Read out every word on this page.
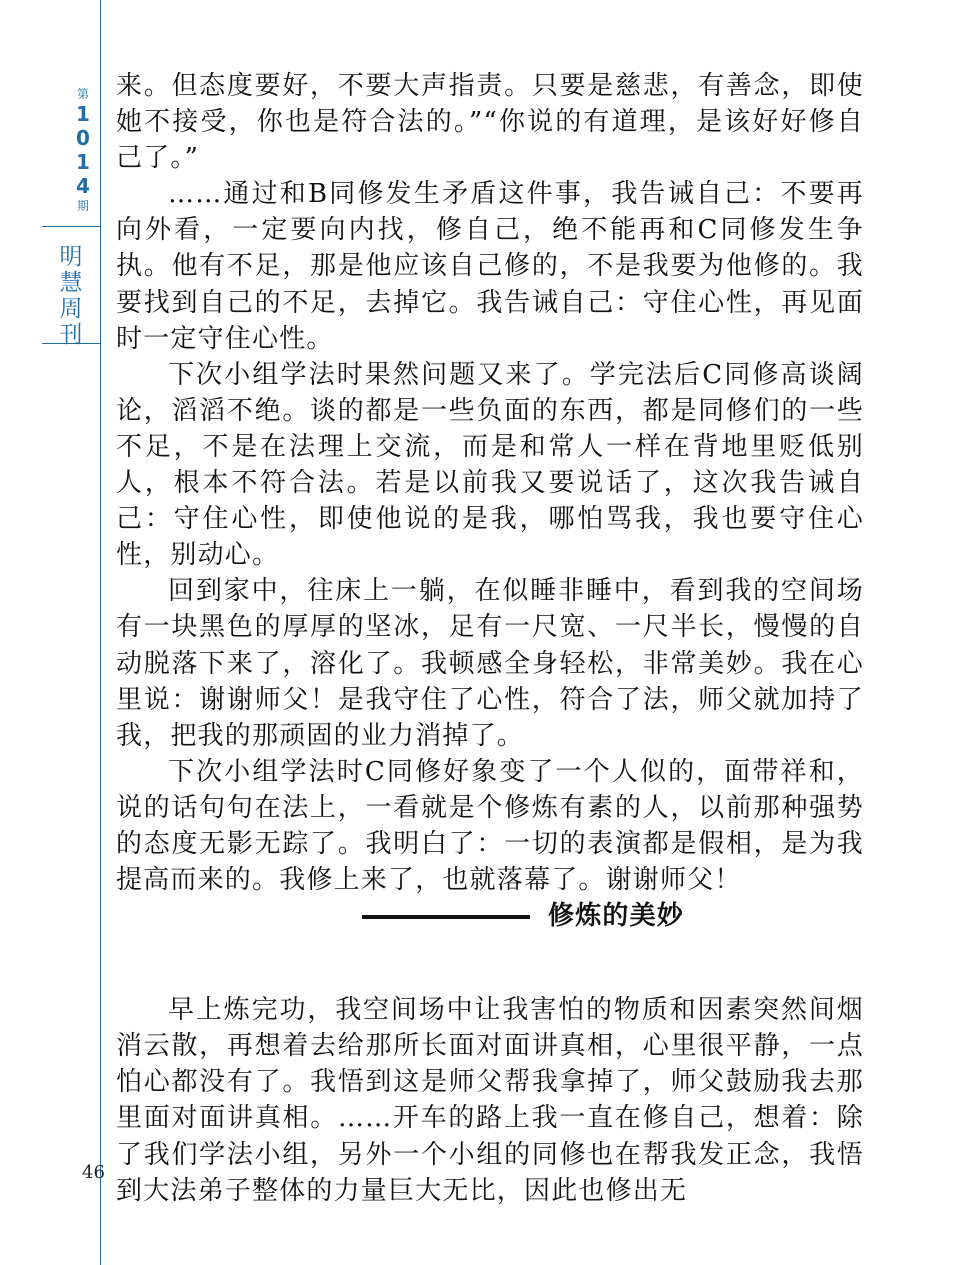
第
1
0
1
4
期
明
慧
周
刊
46

来。但态度要好，不要大声指责。只要是慈悲，有善念，即使她不接受，你也是符合法的。”“你说的有道理，是该好好修自己了。”

……通过和B同修发生矛盾这件事，我告诫自己：不要再向外看，一定要向内找，修自己，绝不能再和C同修发生争执。他有不足，那是他应该自己修的，不是我要为他修的。我要找到自己的不足，去掉它。我告诫自己：守住心性，再见面时一定守住心性。

下次小组学法时果然问题又来了。学完法后C同修高谈阔论，滔滔不绝。谈的都是一些负面的东西，都是同修们的一些不足，不是在法理上交流，而是和常人一样在背地里贬低别人，根本不符合法。若是以前我又要说话了，这次我告诫自己：守住心性，即使他说的是我，哪怕骂我，我也要守住心性，别动心。

回到家中，往床上一躺，在似睡非睡中，看到我的空间场有一块黑色的厚厚的坚冰，足有一尺宽、一尺半长，慢慢的自动脱落下来了，溶化了。我顿感全身轻松，非常美妙。我在心里说：谢谢师父！是我守住了心性，符合了法，师父就加持了我，把我的那顽固的业力消掉了。

下次小组学法时C同修好象变了一个人似的，面带祥和，说的话句句在法上，一看就是个修炼有素的人，以前那种强势的态度无影无踪了。我明白了：一切的表演都是假相，是为我提高而来的。我修上来了，也就落幕了。谢谢师父！

修炼的美妙

早上炼完功，我空间场中让我害怕的物质和因素突然间烟消云散，再想着去给那所长面对面讲真相，心里很平静，一点怕心都没有了。我悟到这是师父帮我拿掉了，师父鼓励我去那里面对面讲真相。……开车的路上我一直在修自己，想着：除了我们学法小组，另外一个小组的同修也在帮我发正念，我悟到大法弟子整体的力量巨大无比，因此也修出无
